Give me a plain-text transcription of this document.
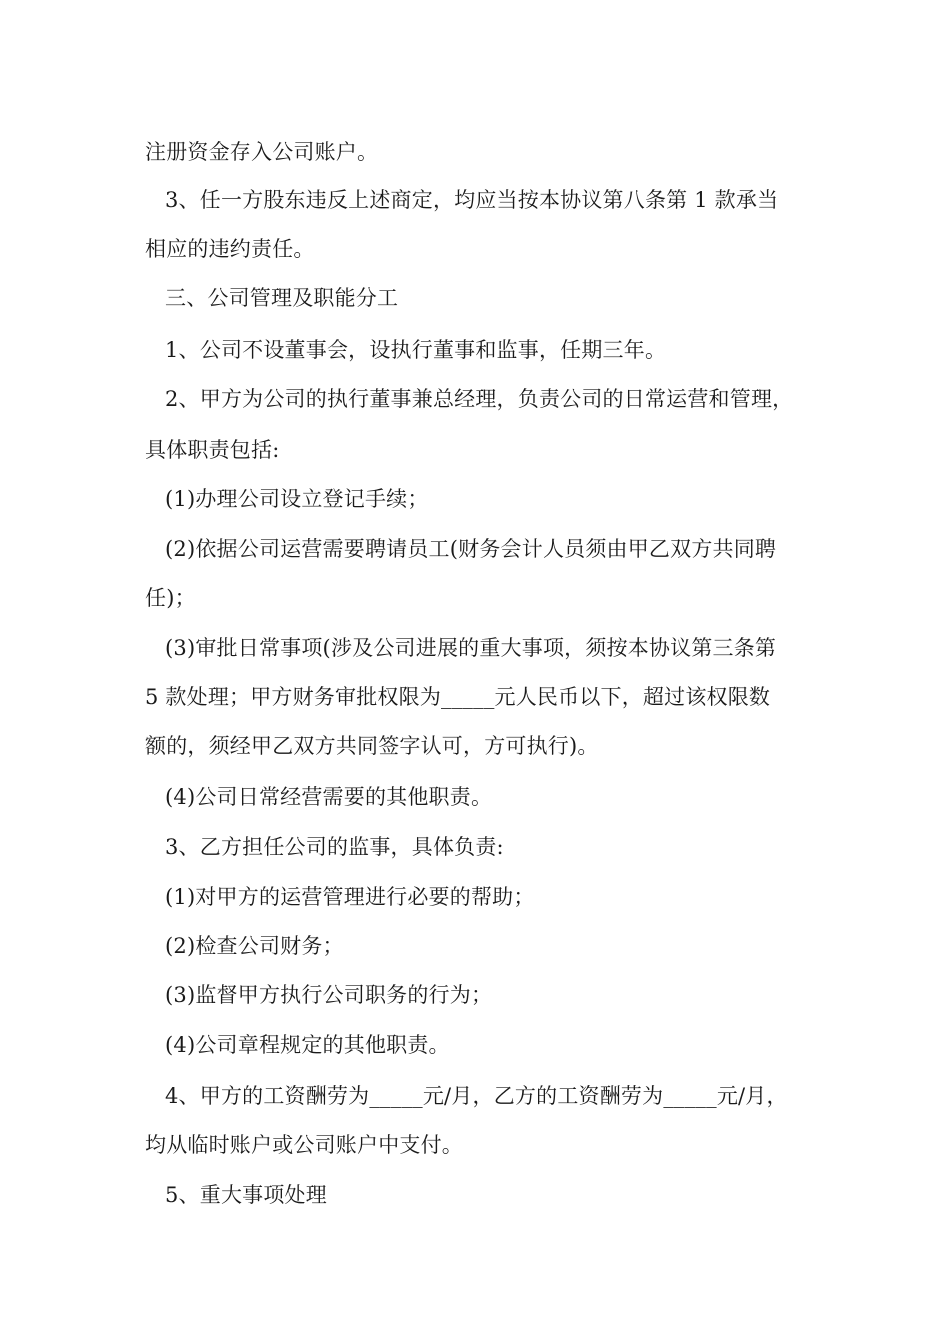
注册资金存入公司账户。
3、任一方股东违反上述商定，均应当按本协议第八条第 1 款承当
相应的违约责任。
三、公司管理及职能分工
1、公司不设董事会，设执行董事和监事，任期三年。
2、甲方为公司的执行董事兼总经理，负责公司的日常运营和管理，
具体职责包括:
(1)办理公司设立登记手续；
(2)依据公司运营需要聘请员工(财务会计人员须由甲乙双方共同聘
任)；
(3)审批日常事项(涉及公司进展的重大事项，须按本协议第三条第
5 款处理；甲方财务审批权限为_____元人民币以下，超过该权限数
额的，须经甲乙双方共同签字认可，方可执行)。
(4)公司日常经营需要的其他职责。
3、乙方担任公司的监事，具体负责:
(1)对甲方的运营管理进行必要的帮助；
(2)检查公司财务；
(3)监督甲方执行公司职务的行为；
(4)公司章程规定的其他职责。
4、甲方的工资酬劳为_____元/月，乙方的工资酬劳为_____元/月，
均从临时账户或公司账户中支付。
5、重大事项处理
